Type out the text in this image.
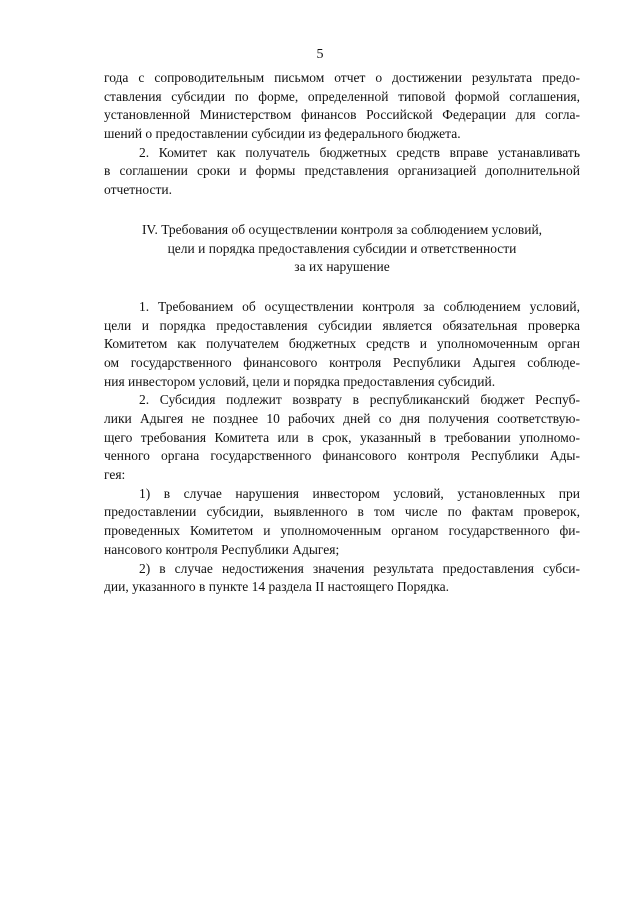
5
года с сопроводительным письмом отчет о достижении результата предо-
ставления субсидии по форме, определенной типовой формой соглашения,
установленной Министерством финансов Российской Федерации для согла-
шений о предоставлении субсидии из федерального бюджета.
2. Комитет как получатель бюджетных средств вправе устанавливать
в соглашении сроки и формы представления организацией дополнительной
отчетности.
IV. Требования об осуществлении контроля за соблюдением условий,
цели и порядка предоставления субсидии и ответственности
за их нарушение
1. Требованием об осуществлении контроля за соблюдением условий,
цели и порядка предоставления субсидии является обязательная проверка
Комитетом как получателем бюджетных средств и уполномоченным орган
ом государственного финансового контроля Республики Адыгея соблюде-
ния инвестором условий, цели и порядка предоставления субсидий.
2. Субсидия подлежит возврату в республиканский бюджет Респуб-
лики Адыгея не позднее 10 рабочих дней со дня получения соответствую-
щего требования Комитета или в срок, указанный в требовании уполномо-
ченного органа государственного финансового контроля Республики Ады-
гея:
1) в случае нарушения инвестором условий, установленных при
предоставлении субсидии, выявленного в том числе по фактам проверок,
проведенных Комитетом и уполномоченным органом государственного фи-
нансового контроля Республики Адыгея;
2) в случае недостижения значения результата предоставления субси-
дии, указанного в пункте 14 раздела II настоящего Порядка.
